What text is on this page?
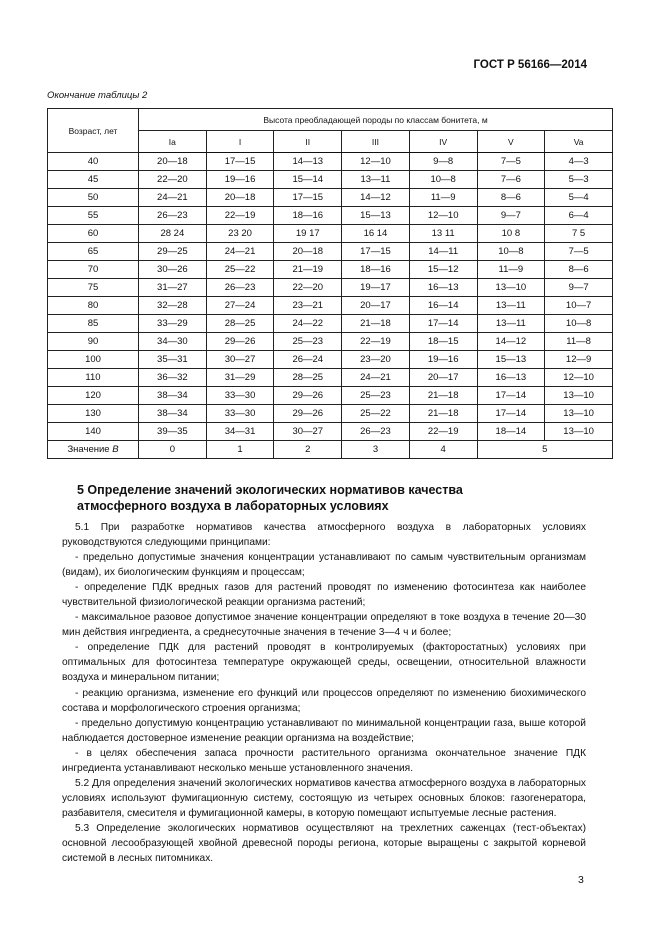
ГОСТ Р 56166—2014
Окончание таблицы 2
Возраст, лет	Высота преобладающей породы по классам бонитета, м						
	Ia	I	II	III	IV	V	Va
40	20—18	17—15	14—13	12—10	9—8	7—5	4—3
45	22—20	19—16	15—14	13—11	10—8	7—6	5—3
50	24—21	20—18	17—15	14—12	11—9	8—6	5—4
55	26—23	22—19	18—16	15—13	12—10	9—7	6—4
60	28 24	23 20	19 17	16 14	13 11	10 8	7 5
65	29—25	24—21	20—18	17—15	14—11	10—8	7—5
70	30—26	25—22	21—19	18—16	15—12	11—9	8—6
75	31—27	26—23	22—20	19—17	16—13	13—10	9—7
80	32—28	27—24	23—21	20—17	16—14	13—11	10—7
85	33—29	28—25	24—22	21—18	17—14	13—11	10—8
90	34—30	29—26	25—23	22—19	18—15	14—12	11—8
100	35—31	30—27	26—24	23—20	19—16	15—13	12—9
110	36—32	31—29	28—25	24—21	20—17	16—13	12—10
120	38—34	33—30	29—26	25—23	21—18	17—14	13—10
130	38—34	33—30	29—26	25—22	21—18	17—14	13—10
140	39—35	34—31	30—27	26—23	22—19	18—14	13—10
Значение B	0	1	2	3	4	5	
5 Определение значений экологических нормативов качества атмосферного воздуха в лабораторных условиях

5.1 При разработке нормативов качества атмосферного воздуха в лабораторных условиях руководствуются следующими принципами:

- предельно допустимые значения концентрации устанавливают по самым чувствительным организмам (видам), их биологическим функциям и процессам;

- определение ПДК вредных газов для растений проводят по изменению фотосинтеза как наиболее чувствительной физиологической реакции организма растений;

- максимальное разовое допустимое значение концентрации определяют в токе воздуха в течение 20—30 мин действия ингредиента, а среднесуточные значения в течение 3—4 ч и более;

- определение ПДК для растений проводят в контролируемых (факторостатных) условиях при оптимальных для фотосинтеза температуре окружающей среды, освещении, относительной влажности воздуха и минеральном питании;

- реакцию организма, изменение его функций или процессов определяют по изменению биохимического состава и морфологического строения организма;

- предельно допустимую концентрацию устанавливают по минимальной концентрации газа, выше которой наблюдается достоверное изменение реакции организма на воздействие;

- в целях обеспечения запаса прочности растительного организма окончательное значение ПДК ингредиента устанавливают несколько меньше установленного значения.

5.2 Для определения значений экологических нормативов качества атмосферного воздуха в лабораторных условиях используют фумигационную систему, состоящую из четырех основных блоков: газогенератора, разбавителя, смесителя и фумигационной камеры, в которую помещают испытуемые лесные растения.

5.3 Определение экологических нормативов осуществляют на трехлетних саженцах (тест-объектах) основной лесообразующей хвойной древесной породы региона, которые выращены с закрытой корневой системой в лесных питомниках.

3
